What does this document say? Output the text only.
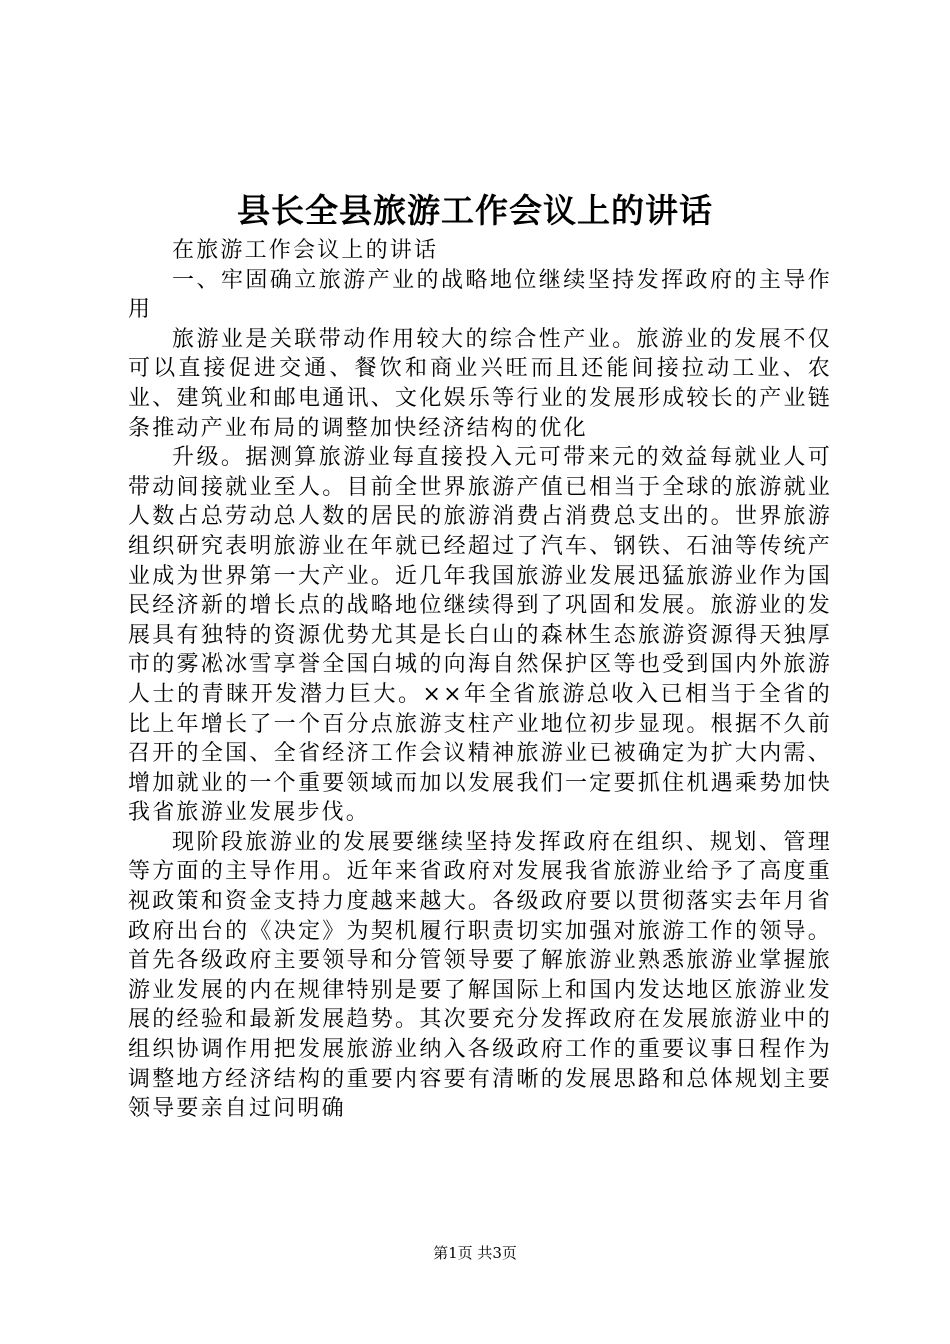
县长全县旅游工作会议上的讲话

在旅游工作会议上的讲话

一、牢固确立旅游产业的战略地位继续坚持发挥政府的主导作用

旅游业是关联带动作用较大的综合性产业。旅游业的发展不仅可以直接促进交通、餐饮和商业兴旺而且还能间接拉动工业、农业、建筑业和邮电通讯、文化娱乐等行业的发展形成较长的产业链条推动产业布局的调整加快经济结构的优化

升级。据测算旅游业每直接投入元可带来元的效益每就业人可带动间接就业至人。目前全世界旅游产值已相当于全球的旅游就业人数占总劳动总人数的居民的旅游消费占消费总支出的。世界旅游组织研究表明旅游业在年就已经超过了汽车、钢铁、石油等传统产业成为世界第一大产业。近几年我国旅游业发展迅猛旅游业作为国民经济新的增长点的战略地位继续得到了巩固和发展。旅游业的发展具有独特的资源优势尤其是长白山的森林生态旅游资源得天独厚市的雾凇冰雪享誉全国白城的向海自然保护区等也受到国内外旅游人士的青睐开发潜力巨大。××年全省旅游总收入已相当于全省的比上年增长了一个百分点旅游支柱产业地位初步显现。根据不久前召开的全国、全省经济工作会议精神旅游业已被确定为扩大内需、增加就业的一个重要领域而加以发展我们一定要抓住机遇乘势加快我省旅游业发展步伐。

现阶段旅游业的发展要继续坚持发挥政府在组织、规划、管理等方面的主导作用。近年来省政府对发展我省旅游业给予了高度重视政策和资金支持力度越来越大。各级政府要以贯彻落实去年月省政府出台的《决定》为契机履行职责切实加强对旅游工作的领导。首先各级政府主要领导和分管领导要了解旅游业熟悉旅游业掌握旅游业发展的内在规律特别是要了解国际上和国内发达地区旅游业发展的经验和最新发展趋势。其次要充分发挥政府在发展旅游业中的组织协调作用把发展旅游业纳入各级政府工作的重要议事日程作为调整地方经济结构的重要内容要有清晰的发展思路和总体规划主要领导要亲自过问明确

第1页 共3页
